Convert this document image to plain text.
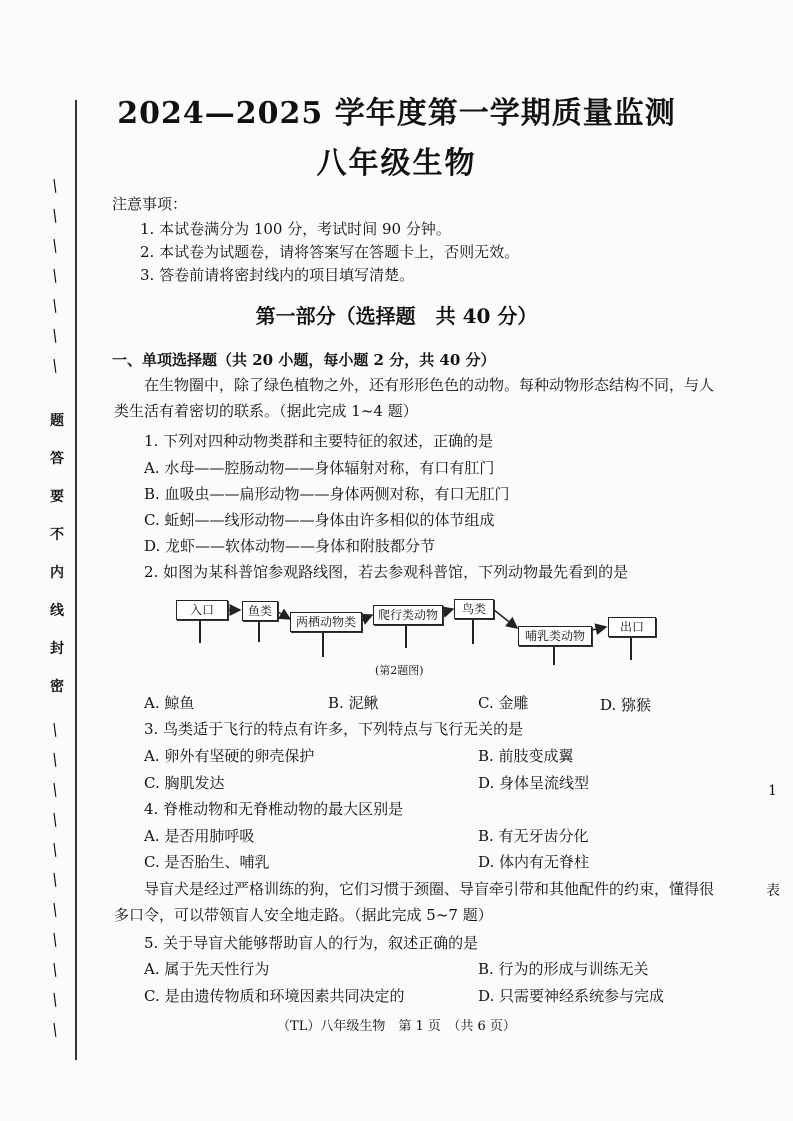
/
/
/
/
/
/
/
/
/
/
/
/
/
/
/
/
/
/
题
答
要
不
内
线
封
密
2024—2025 学年度第一学期质量监测
八年级生物
注意事项：
1. 本试卷满分为 100 分，考试时间 90 分钟。
2. 本试卷为试题卷，请将答案写在答题卡上，否则无效。
3. 答卷前请将密封线内的项目填写清楚。
第一部分（选择题　共 40 分）
一、单项选择题（共 20 小题，每小题 2 分，共 40 分）
在生物圈中，除了绿色植物之外，还有形形色色的动物。每种动物形态结构不同，与人
类生活有着密切的联系。（据此完成 1~4 题）
1. 下列对四种动物类群和主要特征的叙述，正确的是
A. 水母——腔肠动物——身体辐射对称，有口有肛门
B. 血吸虫——扁形动物——身体两侧对称，有口无肛门
C. 蚯蚓——线形动物——身体由许多相似的体节组成
D. 龙虾——软体动物——身体和附肢都分节
2. 如图为某科普馆参观路线图，若去参观科普馆，下列动物最先看到的是
入口	鱼类
两栖动物类	爬行类动物	鸟类
哺乳类动物
出口
(第2题图)
A. 鲸鱼	B. 泥鳅	C. 金雕	D. 猕猴
3. 鸟类适于飞行的特点有许多，下列特点与飞行无关的是
A. 卵外有坚硬的卵壳保护	B. 前肢变成翼
C. 胸肌发达	D. 身体呈流线型
4. 脊椎动物和无脊椎动物的最大区别是
A. 是否用肺呼吸	B. 有无牙齿分化
C. 是否胎生、哺乳	D. 体内有无脊柱
导盲犬是经过严格训练的狗，它们习惯于颈圈、导盲牵引带和其他配件的约束，懂得很
多口令，可以带领盲人安全地走路。（据此完成 5~7 题）
5. 关于导盲犬能够帮助盲人的行为，叙述正确的是
A. 属于先天性行为	B. 行为的形成与训练无关
C. 是由遗传物质和环境因素共同决定的	D. 只需要神经系统参与完成
（TL）八年级生物　第 1 页　（共 6 页）
1
表
